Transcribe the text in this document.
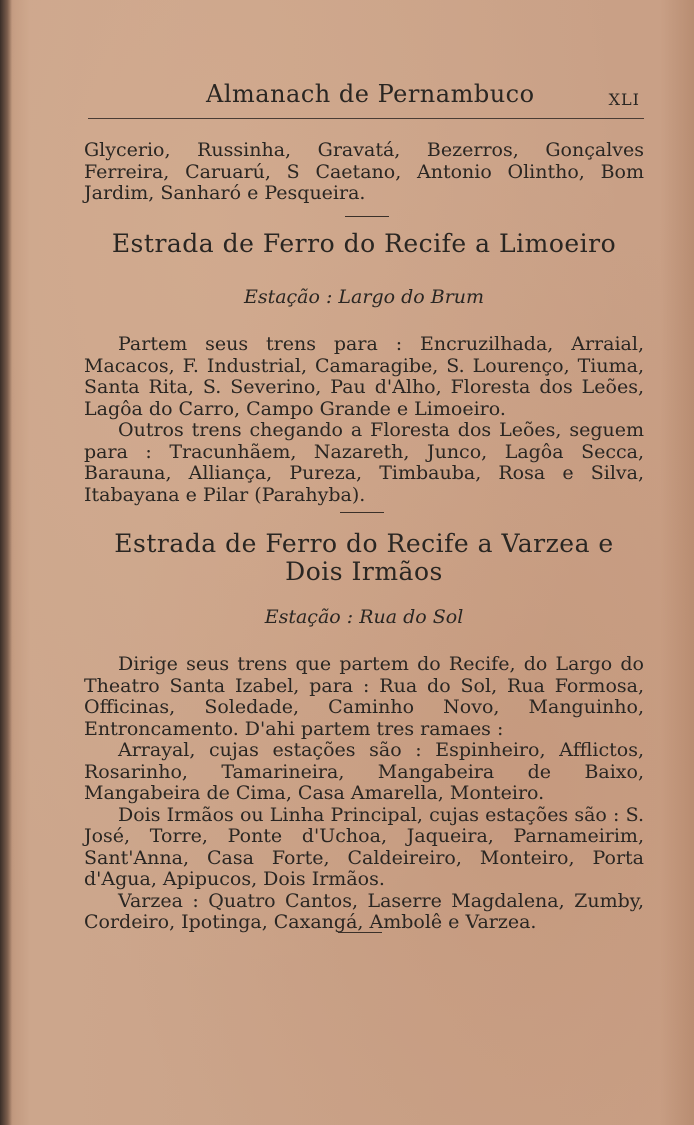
Almanach de Pernambuco	XLI

Glycerio, Russinha, Gravatá, Bezerros, Gonçalves Ferreira, Caruarú, S Caetano, Antonio Olintho, Bom Jardim, Sanharó e Pesqueira.

Estrada de Ferro do Recife a Limoeiro
Estação : Largo do Brum

Partem seus trens para : Encruzilhada, Arraial, Macacos, F. Industrial, Camaragibe, S. Lourenço, Tiuma, Santa Rita, S. Severino, Pau d'Alho, Floresta dos Leões, Lagôa do Carro, Campo Grande e Limoeiro.

Outros trens chegando a Floresta dos Leões, seguem para : Tracunhãem, Nazareth, Junco, Lagôa Secca, Barauna, Alliança, Pureza, Timbauba, Rosa e Silva, Itabayana e Pilar (Parahyba).

Estrada de Ferro do Recife a Varzea e
Dois Irmãos
Estação : Rua do Sol

Dirige seus trens que partem do Recife, do Largo do Theatro Santa Izabel, para : Rua do Sol, Rua Formosa, Officinas, Soledade, Caminho Novo, Manguinho, Entroncamento. D'ahi partem tres ramaes :

Arrayal, cujas estações são : Espinheiro, Afflictos, Rosarinho, Tamarineira, Mangabeira de Baixo, Mangabeira de Cima, Casa Amarella, Monteiro.

Dois Irmãos ou Linha Principal, cujas estações são : S. José, Torre, Ponte d'Uchoa, Jaqueira, Parnameirim, Sant'Anna, Casa Forte, Caldeireiro, Monteiro, Porta d'Agua, Apipucos, Dois Irmãos.

Varzea : Quatro Cantos, Laserre Magdalena, Zumby, Cordeiro, Ipotinga, Caxangá, Ambolê e Varzea.
